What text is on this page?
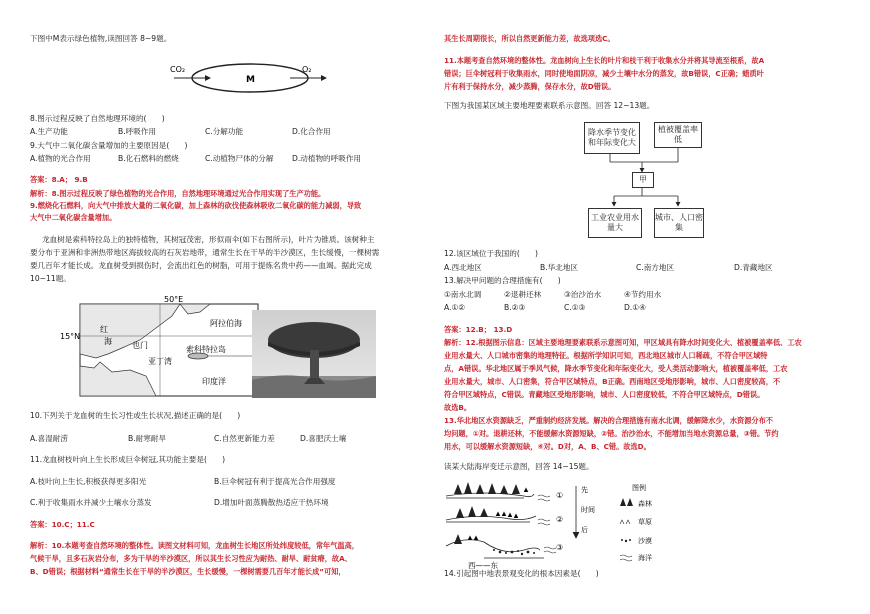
下图中M表示绿色植物,读图回答 8~9题。
CO₂
M
O₂
8.图示过程反映了自然地理环境的(　　)
A.生产功能	B.呼吸作用	C.分解功能	D.化合作用
9.大气中二氧化碳含量增加的主要原因是(　　)
A.植物的光合作用	B.化石燃料的燃烧	C.动植物尸体的分解 D.动植物的呼吸作用
答案：8.A； 9.B
解析：8.图示过程反映了绿色植物的光合作用，自然地理环境通过光合作用实现了生产功能。
9.燃烧化石燃料，向大气中排放大量的二氧化碳，加上森林的砍伐使森林吸收二氧化碳的能力减弱，导致
大气中二氧化碳含量增加。
龙血树是索科特拉岛上的独特植物，其树冠茂密，形似雨伞(如下右图所示)，叶片为锥质。该树种主
要分布于亚洲和非洲热带地区海拔较高的石灰岩地带，通常生长在干旱的半沙漠区，生长缓慢，一棵树需
要几百年才能长成。龙血树受到损伤时，会流出红色的树脂，可用于提炼名贵中药——血竭。据此完成
10~11题。
50°E
15°N
红
海	也门
阿拉伯海
亚丁湾
索科特拉岛
印度洋
10.下列关于龙血树的生长习性或生长状况,描述正确的是(　　)
A.喜湿耐涝	B.耐寒耐旱	C.自然更新能力差	D.喜肥沃土壤
11.龙血树枝叶向上生长形成巨伞树冠,其功能主要是(　　)
A.枝叶向上生长,积极获得更多阳光	B.巨伞树冠有利于提高光合作用强度
C.利于收集雨水并减少土壤水分蒸发	D.增加叶面蒸腾散热适应干热环境
答案：10.C；11.C
解析：10.本题考查自然环境的整体性。读图文材料可知，龙血树生长地区所处纬度较低，常年气温高，
气候干旱，且多石灰岩分布，多为干旱的半沙漠区，所以其生长习性应为耐热、耐旱、耐贫瘠，故A、
B、D错误；根据材料“通常生长在干旱的半沙漠区，生长缓慢，一棵树需要几百年才能长成”可知，
其生长周期很长，所以自然更新能力差，故选项选C。
11.本题考查自然环境的整体性。龙血树向上生长的叶片和枝干利于收集水分并将其导流至根系，故A
错误；巨伞树冠利于收集雨水，同时使地面阴凉，减少土壤中水分的蒸发，故B错误，C正确；蜡质叶
片有利于保持水分，减少蒸腾，保存水分，故D错误。
下图为我国某区域主要地理要素联系示意图。回答 12~13题。
降水季节变化和年际变化大
植被覆盖率低
甲
工业农业用水量大
城市、人口密集
12.该区域位于我国的(　　)
A.西北地区	B.华北地区	C.南方地区	D.青藏地区
13.解决甲问题的合理措施有(　　)
①南水北调	②退耕还林	③治沙治水	④节约用水
A.①②	B.②③	C.①③	D.①④
答案：12.B； 13.D
解析：12.根据图示信息：区域主要地理要素联系示意图可知，甲区域具有降水时间变化大、植被覆盖率低、工农
业用水量大、人口城市密集的地理特征。根据所学知识可知，西北地区城市人口稀疏，不符合甲区域特
点，A错误。华北地区属于季风气候，降水季节变化和年际变化大，受人类活动影响大，植被覆盖率低，工农
业用水量大，城市、人口密集，符合甲区域特点，B正确。西南地区受地形影响，城市、人口密度较高，不
符合甲区域特点，C错误。青藏地区受地形影响，城市、人口密度较低，不符合甲区域特点，D错误。
故选B。
13.华北地区水资源缺乏，严重制约经济发展。解决的合理措施有南水北调，缓解降水少，水资源分布不
均问题，①对。退耕还林，不能缓解水资源短缺，②错。治沙治水，不能增加当地水资源总量，③错。节约
用水，可以缓解水资源短缺，④对。D对，A、B、C错。故选D。
读某大陆海岸变迁示意图，回答 14~15题。
①
②
③
先
时间
后
西——东
图例
森林
草原
沙漠
海洋
14.引起图中地表景观变化的根本因素是(　　)
